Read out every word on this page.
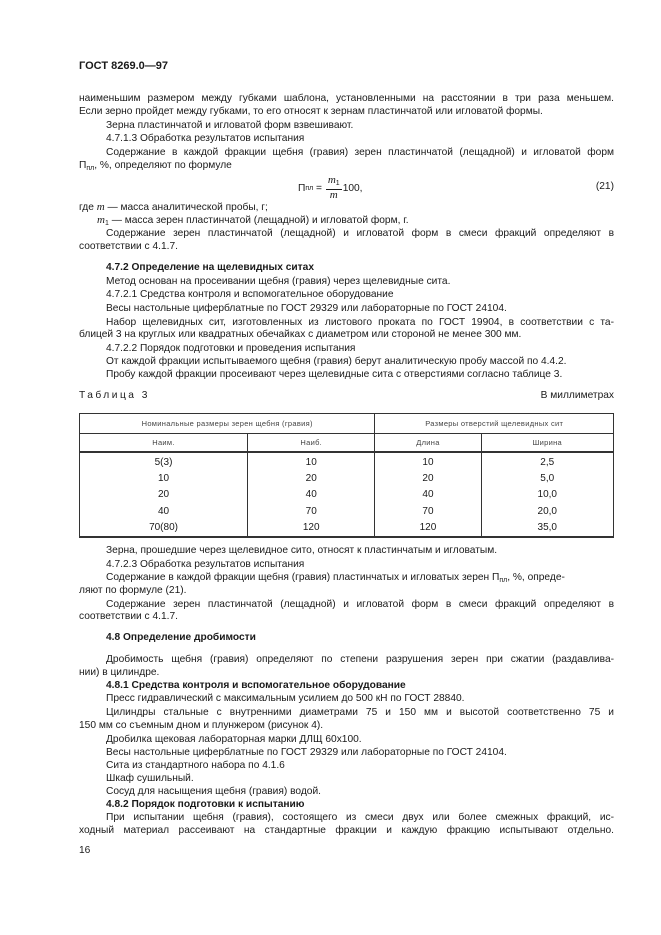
ГОСТ 8269.0—97
наименьшим размером между губками шаблона, установленными на расстоянии в три раза меньшем.
Если зерно пройдет между губками, то его относят к зернам пластинчатой или игловатой формы.
Зерна пластинчатой и игловатой форм взвешивают.
4.7.1.3 Обработка результатов испытания
Содержание в каждой фракции щебня (гравия) зерен пластинчатой (лещадной) и игловатой форм
$П_{пл}$, %, определяют по формуле
П пл = $\frac{m_1}{m} 100$,	(21)
где m — масса аналитической пробы, г;
$m_1$ — масса зерен пластинчатой (лещадной) и игловатой форм, г.
Содержание зерен пластинчатой (лещадной) и игловатой форм в смеси фракций определяют в
соответствии с 4.1.7.
4.7.2 Определение на щелевидных ситах
Метод основан на просеивании щебня (гравия) через щелевидные сита.
4.7.2.1 Средства контроля и вспомогательное оборудование
Весы настольные циферблатные по ГОСТ 29329 или лабораторные по ГОСТ 24104.
Набор щелевидных сит, изготовленных из листового проката по ГОСТ 19904, в соответствии с та-
блицей 3 на круглых или квадратных обечайках с диаметром или стороной не менее 300 мм.
4.7.2.2 Порядок подготовки и проведения испытания
От каждой фракции испытываемого щебня (гравия) берут аналитическую пробу массой по 4.4.2.
Пробу каждой фракции просеивают через щелевидные сита с отверстиями согласно таблице 3.
Таблица 3	В миллиметрах
Номинальные размеры зерен щебня (гравия)		Размеры отверстий щелевидных сит	
Наим.	Наиб.	Длина	Ширина
5(3)	10	10	2,5
10	20	20	5,0
20	40	40	10,0
40	70	70	20,0
70(80)	120	120	35,0
Зерна, прошедшие через щелевидное сито, относят к пластинчатым и игловатым.
4.7.2.3 Обработка результатов испытания
Содержание в каждой фракции щебня (гравия) пластинчатых и игловатых зерен $П_{пл}$, %, опреде-
ляют по формуле (21).
Содержание зерен пластинчатой (лещадной) и игловатой форм в смеси фракций определяют в
соответствии с 4.1.7.
4.8 Определение дробимости
Дробимость щебня (гравия) определяют по степени разрушения зерен при сжатии (раздавлива-
нии) в цилиндре.
4.8.1 Средства контроля и вспомогательное оборудование
Пресс гидравлический с максимальным усилием до 500 кН по ГОСТ 28840.
Цилиндры стальные с внутренними диаметрами 75 и 150 мм и высотой соответственно 75 и
150 мм со съемным дном и плунжером (рисунок 4).
Дробилка щековая лабораторная марки ДЛЩ 60x100.
Весы настольные циферблатные по ГОСТ 29329 или лабораторные по ГОСТ 24104.
Сита из стандартного набора по 4.1.6
Шкаф сушильный.
Сосуд для насыщения щебня (гравия) водой.
4.8.2 Порядок подготовки к испытанию
При испытании щебня (гравия), состоящего из смеси двух или более смежных фракций, ис-
ходный материал рассеивают на стандартные фракции и каждую фракцию испытывают отдельно.
16
